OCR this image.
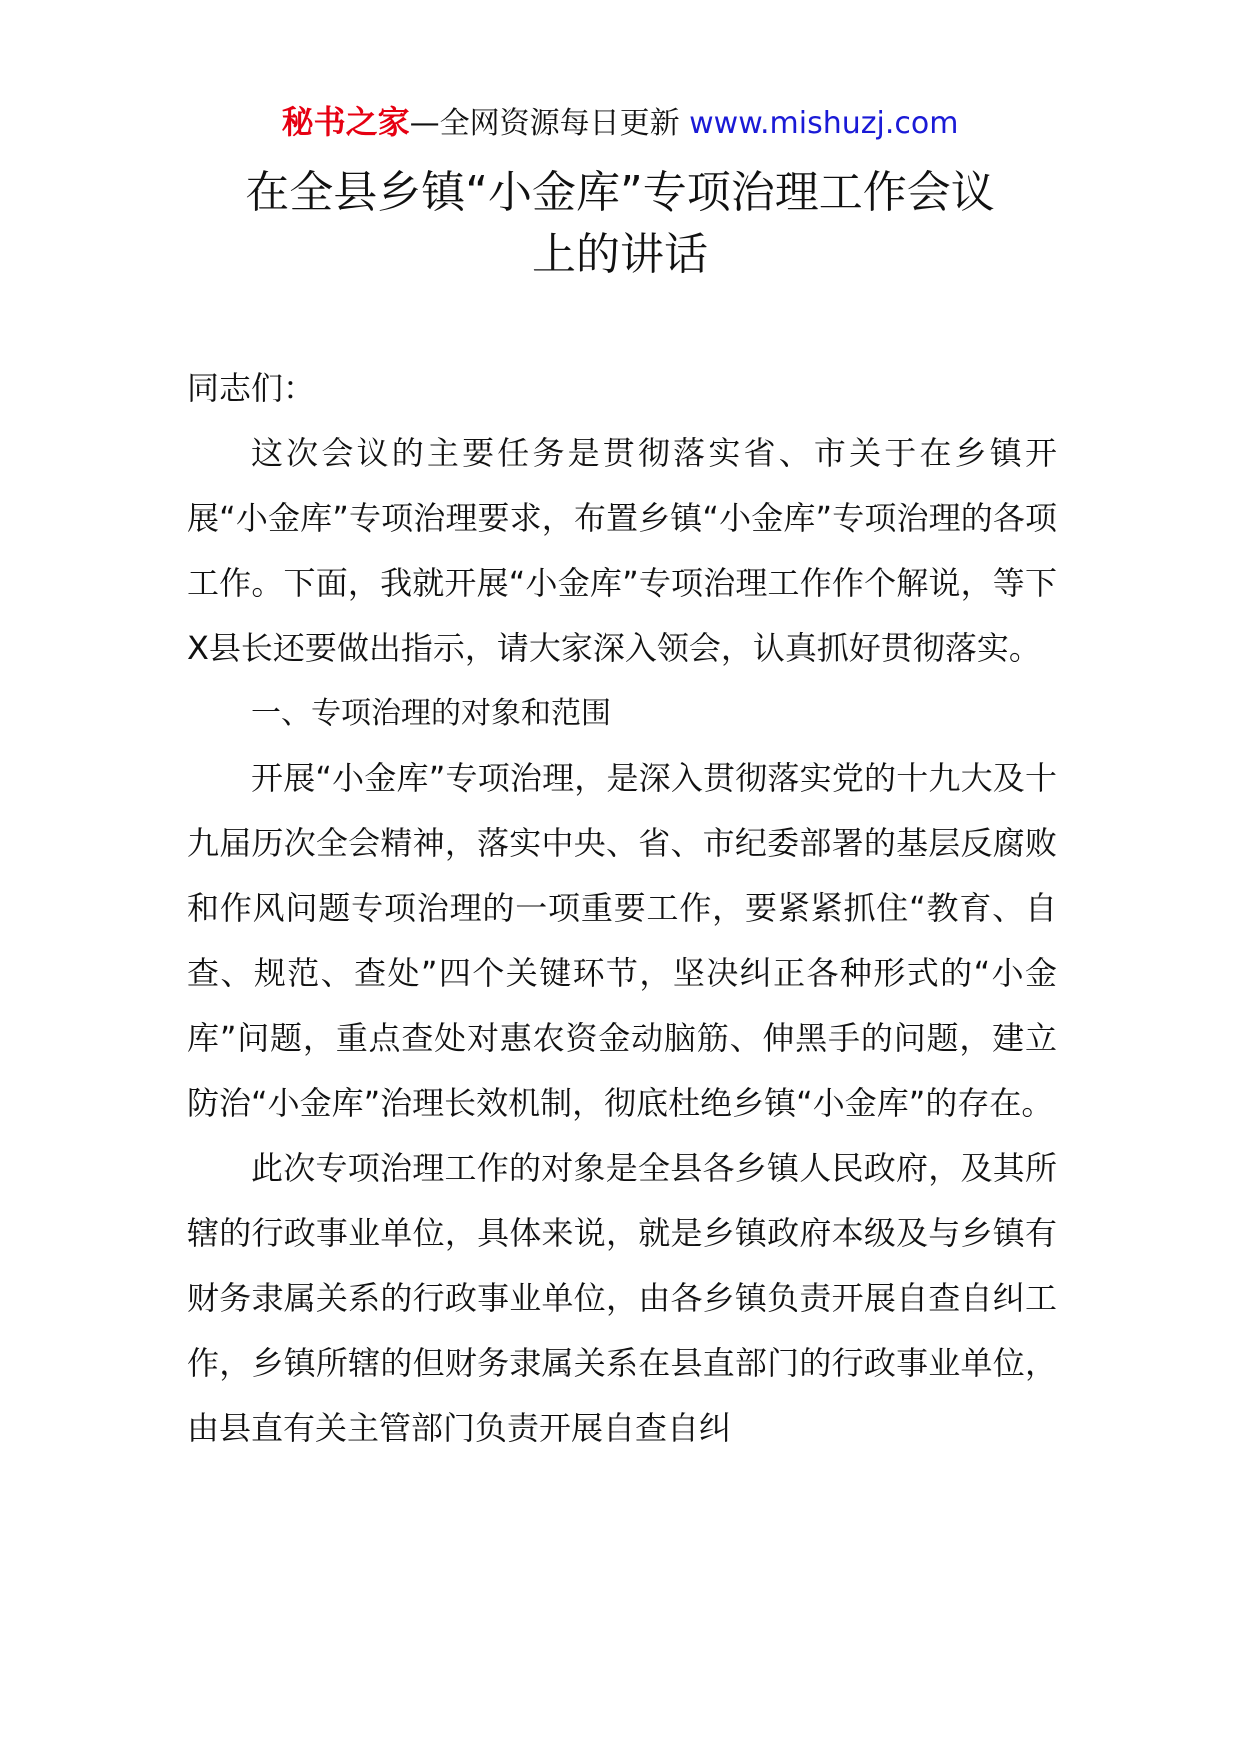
秘书之家—全网资源每日更新 www.mishuzj.com
在全县乡镇“小金库”专项治理工作会议
上的讲话

同志们：

这次会议的主要任务是贯彻落实省、市关于在乡镇开展“小金库”专项治理要求，布置乡镇“小金库”专项治理的各项工作。下面，我就开展“小金库”专项治理工作作个解说，等下X县长还要做出指示，请大家深入领会，认真抓好贯彻落实。

一、专项治理的对象和范围

开展“小金库”专项治理，是深入贯彻落实党的十九大及十九届历次全会精神，落实中央、省、市纪委部署的基层反腐败和作风问题专项治理的一项重要工作，要紧紧抓住“教育、自查、规范、查处”四个关键环节，坚决纠正各种形式的“小金库”问题，重点查处对惠农资金动脑筋、伸黑手的问题，建立防治“小金库”治理长效机制，彻底杜绝乡镇“小金库”的存在。

此次专项治理工作的对象是全县各乡镇人民政府，及其所辖的行政事业单位，具体来说，就是乡镇政府本级及与乡镇有财务隶属关系的行政事业单位，由各乡镇负责开展自查自纠工作，乡镇所辖的但财务隶属关系在县直部门的行政事业单位，由县直有关主管部门负责开展自查自纠
